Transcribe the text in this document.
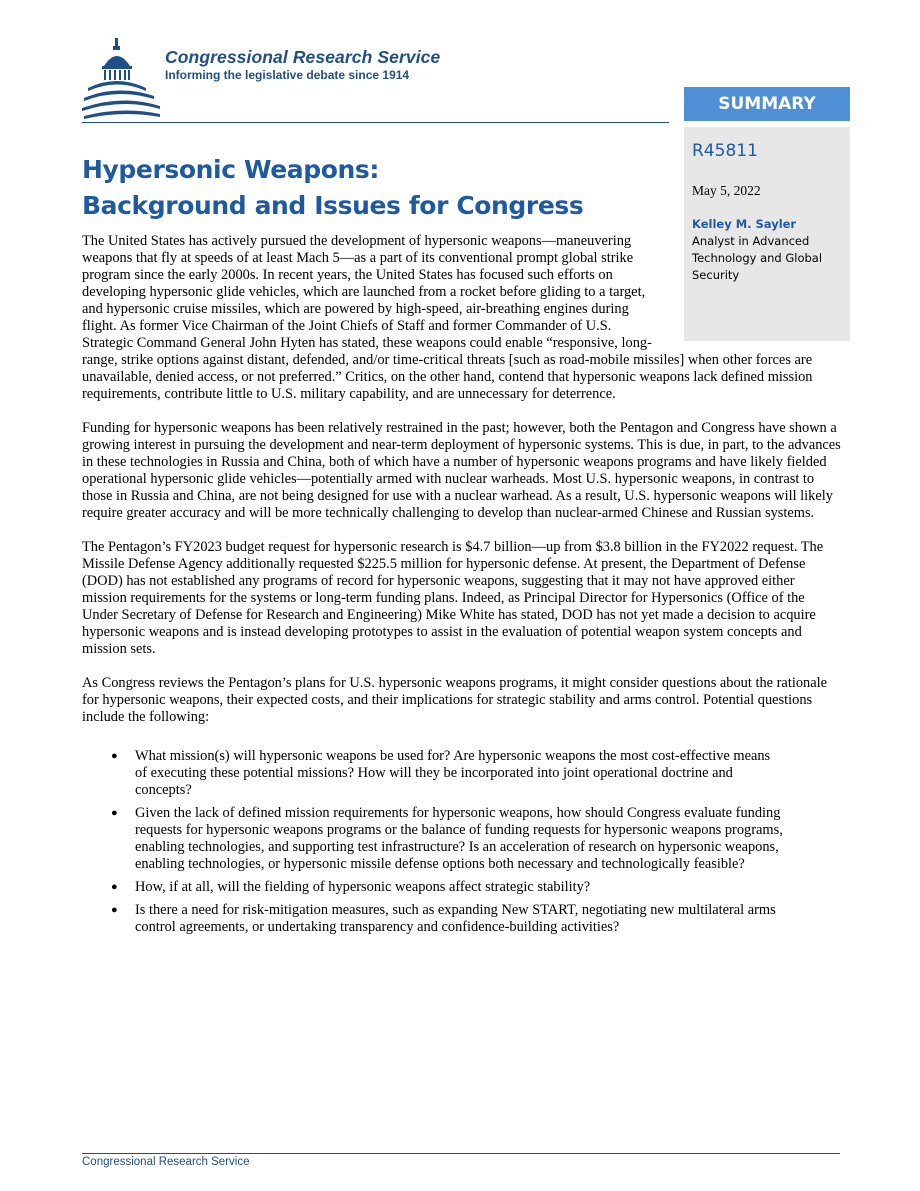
Congressional Research Service
Informing the legislative debate since 1914
SUMMARY
R45811
May 5, 2022
Kelley M. Sayler
Analyst in Advanced Technology and Global Security
Hypersonic Weapons:
Background and Issues for Congress

The United States has actively pursued the development of hypersonic weapons—maneuvering weapons that fly at speeds of at least Mach 5—as a part of its conventional prompt global strike program since the early 2000s. In recent years, the United States has focused such efforts on developing hypersonic glide vehicles, which are launched from a rocket before gliding to a target, and hypersonic cruise missiles, which are powered by high-speed, air-breathing engines during flight. As former Vice Chairman of the Joint Chiefs of Staff and former Commander of U.S. Strategic Command General John Hyten has stated, these weapons could enable “responsive, long-range, strike options against distant, defended, and/or time-critical threats [such as road-mobile missiles] when other forces are unavailable, denied access, or not preferred.” Critics, on the other hand, contend that hypersonic weapons lack defined mission requirements, contribute little to U.S. military capability, and are unnecessary for deterrence.

Funding for hypersonic weapons has been relatively restrained in the past; however, both the Pentagon and Congress have shown a growing interest in pursuing the development and near-term deployment of hypersonic systems. This is due, in part, to the advances in these technologies in Russia and China, both of which have a number of hypersonic weapons programs and have likely fielded operational hypersonic glide vehicles—potentially armed with nuclear warheads. Most U.S. hypersonic weapons, in contrast to those in Russia and China, are not being designed for use with a nuclear warhead. As a result, U.S. hypersonic weapons will likely require greater accuracy and will be more technically challenging to develop than nuclear-armed Chinese and Russian systems.

The Pentagon’s FY2023 budget request for hypersonic research is $4.7 billion—up from $3.8 billion in the FY2022 request. The Missile Defense Agency additionally requested $225.5 million for hypersonic defense. At present, the Department of Defense (DOD) has not established any programs of record for hypersonic weapons, suggesting that it may not have approved either mission requirements for the systems or long-term funding plans. Indeed, as Principal Director for Hypersonics (Office of the Under Secretary of Defense for Research and Engineering) Mike White has stated, DOD has not yet made a decision to acquire hypersonic weapons and is instead developing prototypes to assist in the evaluation of potential weapon system concepts and mission sets.

As Congress reviews the Pentagon’s plans for U.S. hypersonic weapons programs, it might consider questions about the rationale for hypersonic weapons, their expected costs, and their implications for strategic stability and arms control. Potential questions include the following:

● What mission(s) will hypersonic weapons be used for? Are hypersonic weapons the most cost-effective means of executing these potential missions? How will they be incorporated into joint operational doctrine and concepts?
● Given the lack of defined mission requirements for hypersonic weapons, how should Congress evaluate funding requests for hypersonic weapons programs or the balance of funding requests for hypersonic weapons programs, enabling technologies, and supporting test infrastructure? Is an acceleration of research on hypersonic weapons, enabling technologies, or hypersonic missile defense options both necessary and technologically feasible?
● How, if at all, will the fielding of hypersonic weapons affect strategic stability?
● Is there a need for risk-mitigation measures, such as expanding New START, negotiating new multilateral arms control agreements, or undertaking transparency and confidence-building activities?
Congressional Research Service
